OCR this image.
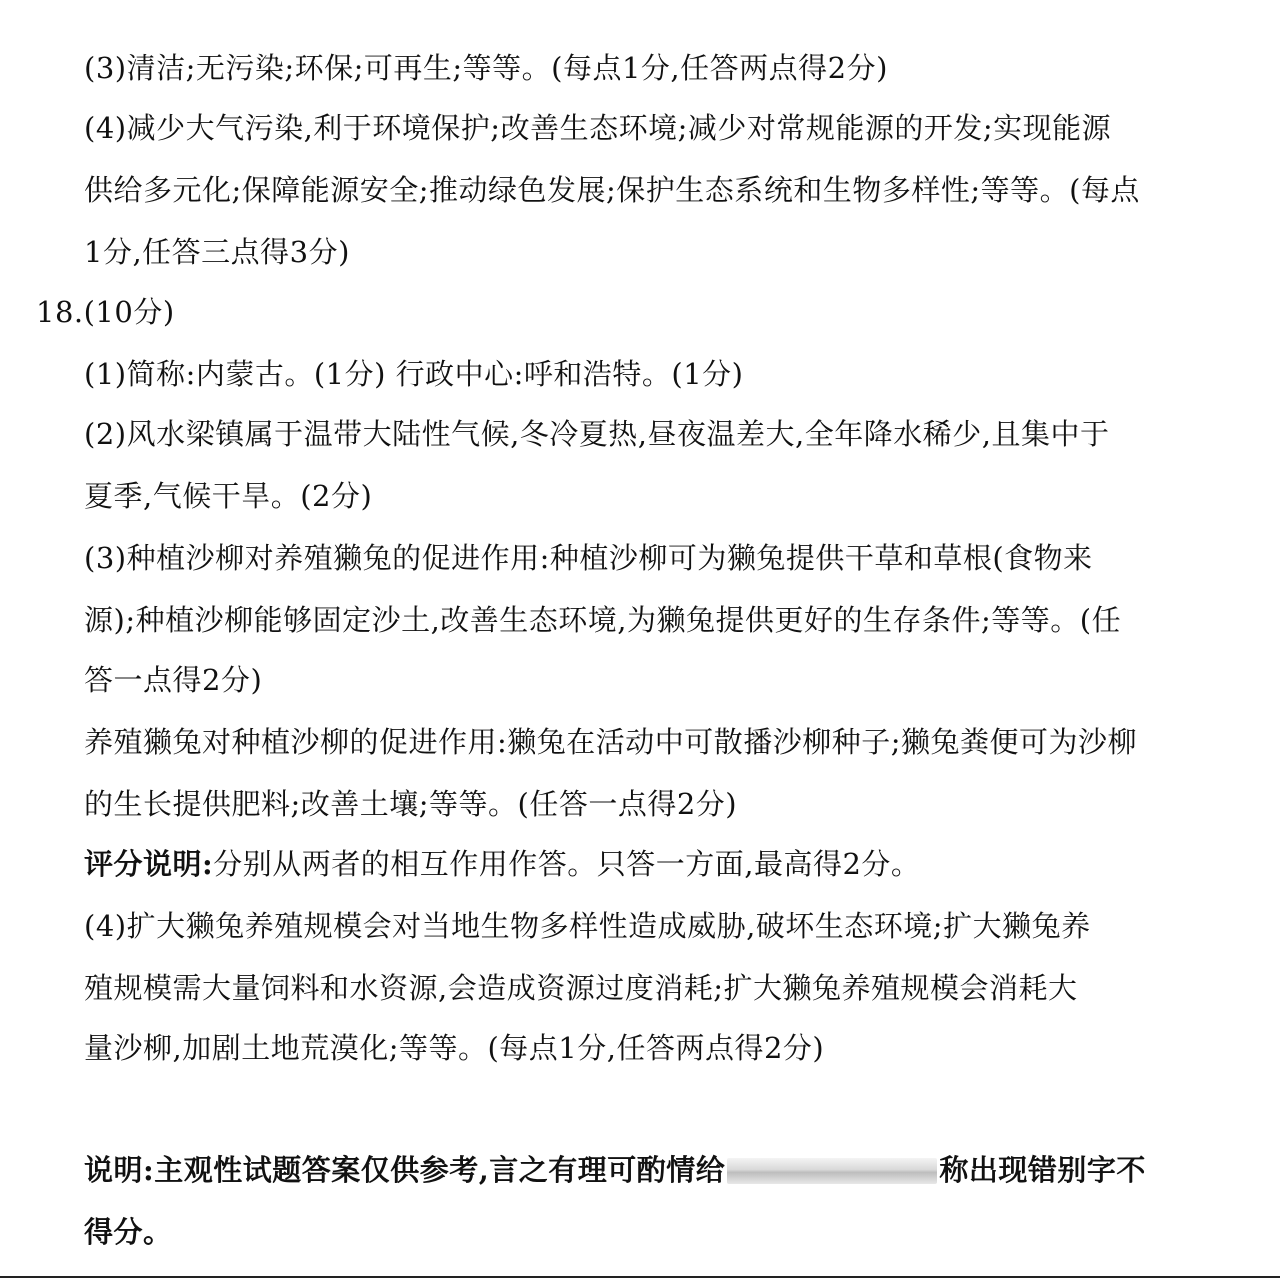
(3)清洁;无污染;环保;可再生;等等。(每点1分,任答两点得2分)
(4)减少大气污染,利于环境保护;改善生态环境;减少对常规能源的开发;实现能源
供给多元化;保障能源安全;推动绿色发展;保护生态系统和生物多样性;等等。(每点
1分,任答三点得3分)
18.(10分)
(1)简称:内蒙古。(1分) 行政中心:呼和浩特。(1分)
(2)风水梁镇属于温带大陆性气候,冬冷夏热,昼夜温差大,全年降水稀少,且集中于
夏季,气候干旱。(2分)
(3)种植沙柳对养殖獭兔的促进作用:种植沙柳可为獭兔提供干草和草根(食物来
源);种植沙柳能够固定沙土,改善生态环境,为獭兔提供更好的生存条件;等等。(任
答一点得2分)
养殖獭兔对种植沙柳的促进作用:獭兔在活动中可散播沙柳种子;獭兔粪便可为沙柳
的生长提供肥料;改善土壤;等等。(任答一点得2分)
评分说明:分别从两者的相互作用作答。只答一方面,最高得2分。
(4)扩大獭兔养殖规模会对当地生物多样性造成威胁,破坏生态环境;扩大獭兔养
殖规模需大量饲料和水资源,会造成资源过度消耗;扩大獭兔养殖规模会消耗大
量沙柳,加剧土地荒漠化;等等。(每点1分,任答两点得2分)
说明:主观性试题答案仅供参考,言之有理可酌情给	称出现错别字不
得分。
